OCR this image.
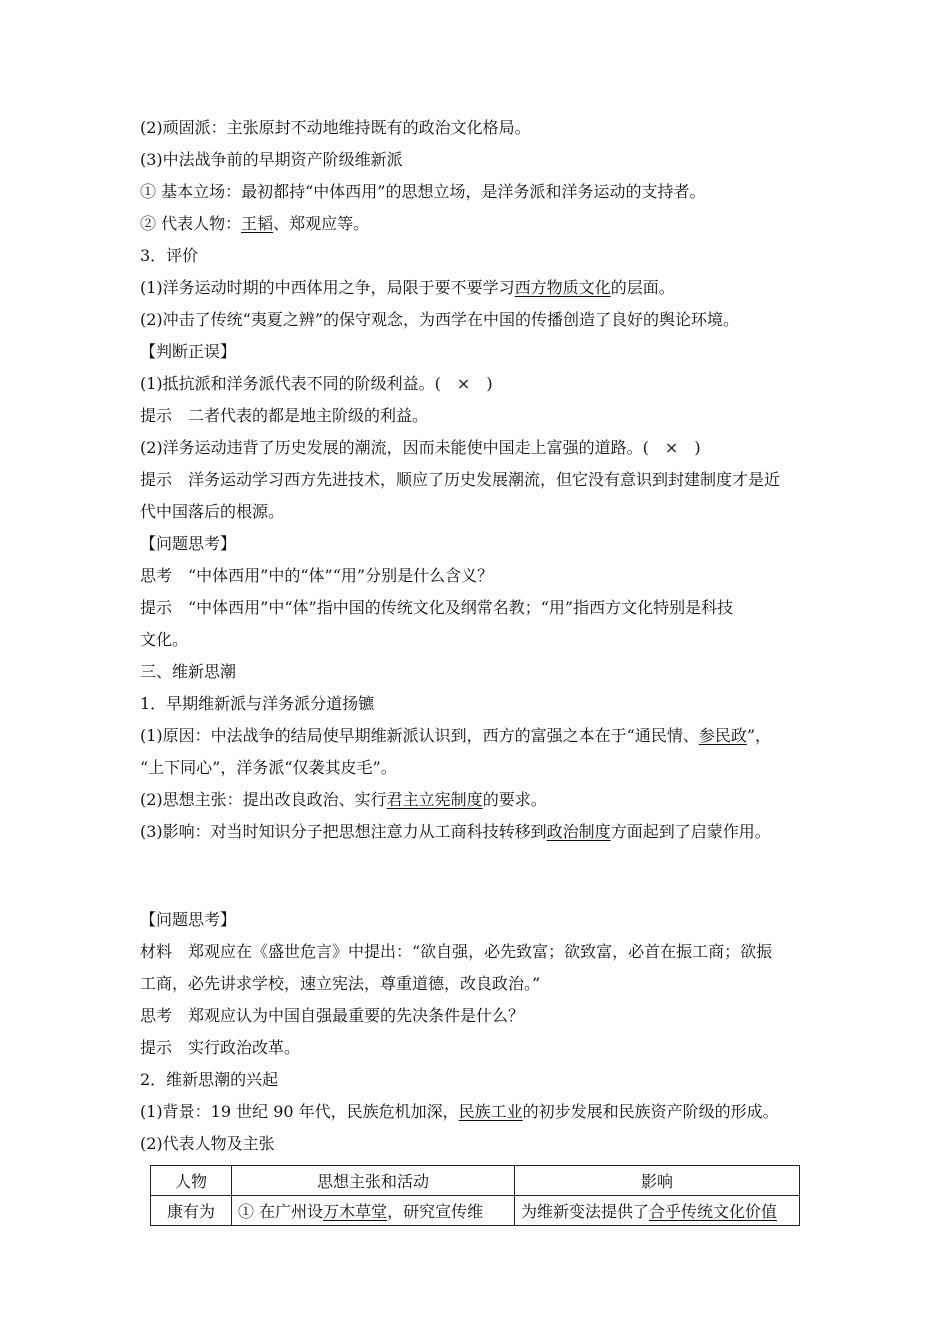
(2)顽固派：主张原封不动地维持既有的政治文化格局。
(3)中法战争前的早期资产阶级维新派
① 基本立场：最初都持“中体西用”的思想立场，是洋务派和洋务运动的支持者。
② 代表人物：王韬、郑观应等。
3．评价
(1)洋务运动时期的中西体用之争，局限于要不要学习西方物质文化的层面。
(2)冲击了传统“夷夏之辨”的保守观念，为西学在中国的传播创造了良好的舆论环境。
【判断正误】
(1)抵抗派和洋务派代表不同的阶级利益。(　×　)
提示　二者代表的都是地主阶级的利益。
(2)洋务运动违背了历史发展的潮流，因而未能使中国走上富强的道路。(　×　)
提示　洋务运动学习西方先进技术，顺应了历史发展潮流，但它没有意识到封建制度才是近
代中国落后的根源。
【问题思考】
思考　“中体西用”中的“体”“用”分别是什么含义？
提示　“中体西用”中“体”指中国的传统文化及纲常名教；“用”指西方文化特别是科技
文化。
三、维新思潮
1．早期维新派与洋务派分道扬镳
(1)原因：中法战争的结局使早期维新派认识到，西方的富强之本在于“通民情、参民政”，
“上下同心”，洋务派“仅袭其皮毛”。
(2)思想主张：提出改良政治、实行君主立宪制度的要求。
(3)影响：对当时知识分子把思想注意力从工商科技转移到政治制度方面起到了启蒙作用。
【问题思考】
材料　郑观应在《盛世危言》中提出：“欲自强，必先致富；欲致富，必首在振工商；欲振
工商，必先讲求学校，速立宪法，尊重道德，改良政治。”
思考　郑观应认为中国自强最重要的先决条件是什么？
提示　实行政治改革。
2．维新思潮的兴起
(1)背景：19 世纪 90 年代，民族危机加深，民族工业的初步发展和民族资产阶级的形成。
(2)代表人物及主张
人物	思想主张和活动	影响
康有为	① 在广州设万木草堂，研究宣传维	为维新变法提供了合乎传统文化价值
